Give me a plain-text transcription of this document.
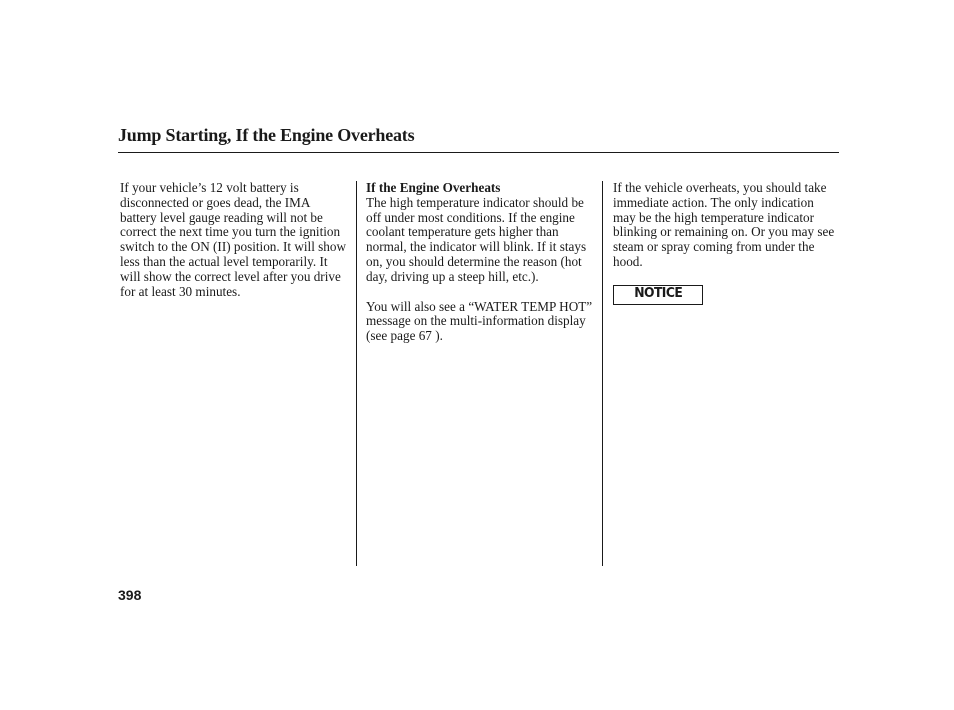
Jump Starting, If the Engine Overheats

If your vehicle’s 12 volt battery is disconnected or goes dead, the IMA battery level gauge reading will not be correct the next time you turn the ignition switch to the ON (II) position. It will show less than the actual level temporarily. It will show the correct level after you drive for at least 30 minutes.

If the Engine Overheats

The high temperature indicator should be off under most conditions. If the engine coolant temperature gets higher than normal, the indicator will blink. If it stays on, you should determine the reason (hot day, driving up a steep hill, etc.).

You will also see a “WATER TEMP HOT” message on the multi-information display (see page 67 ).

If the vehicle overheats, you should take immediate action. The only indication may be the high temperature indicator blinking or remaining on. Or you may see steam or spray coming from under the hood.

NOTICE
398
